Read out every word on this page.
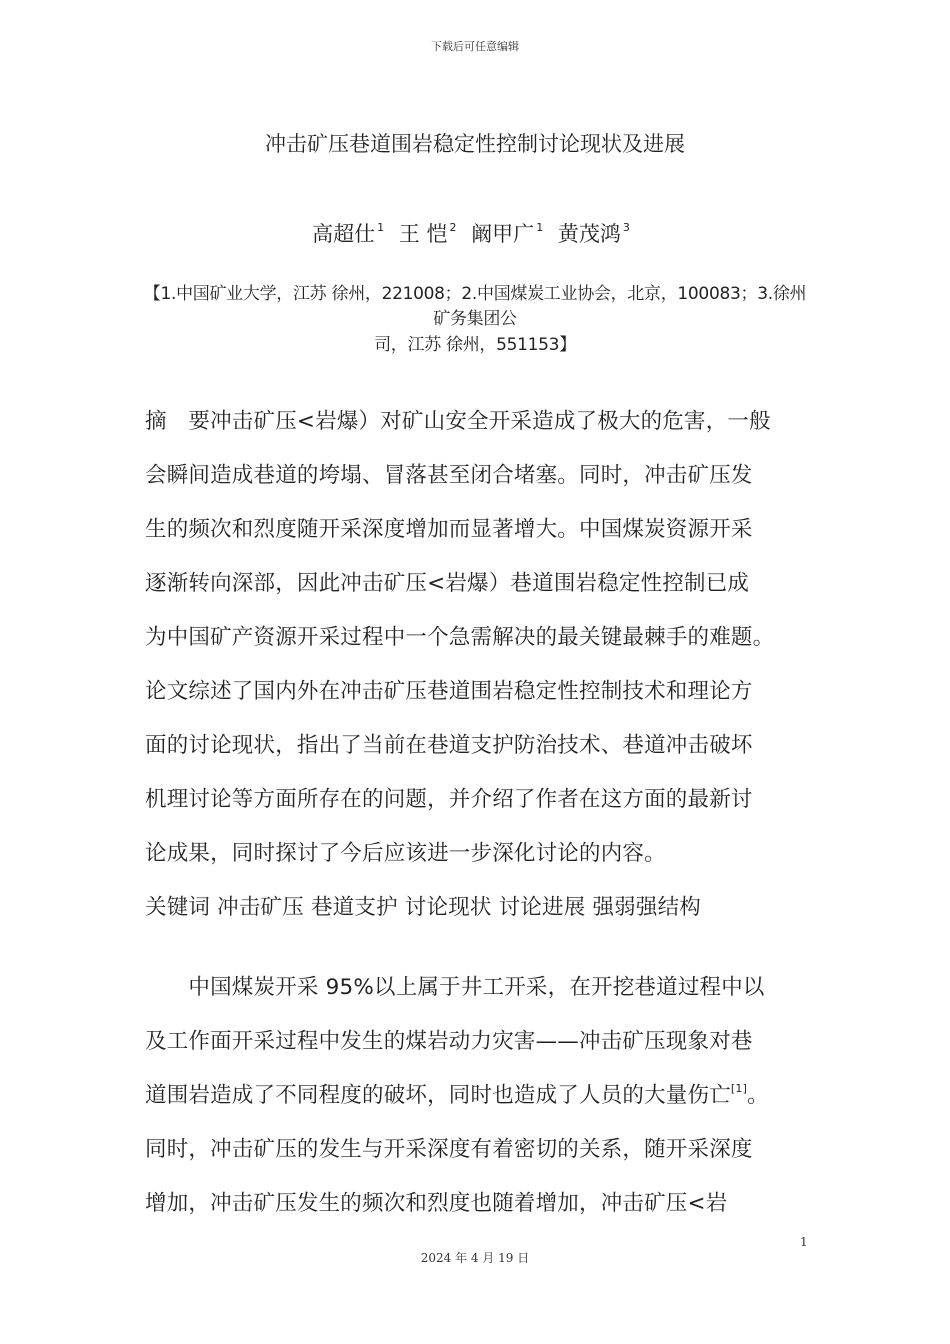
下载后可任意编辑
冲击矿压巷道围岩稳定性控制讨论现状及进展
高超仕 $^1$ 王 恺 $^2$ 阚甲广 $^1$ 黄茂鸿 $^3$
【1.中国矿业大学，江苏 徐州，221008；2.中国煤炭工业协会，北京，100083；3.徐州矿务集团公
司，江苏 徐州，551153】
摘　要冲击矿压<岩爆）对矿山安全开采造成了极大的危害，一般
会瞬间造成巷道的垮塌、冒落甚至闭合堵塞。同时，冲击矿压发
生的频次和烈度随开采深度增加而显著增大。中国煤炭资源开采
逐渐转向深部，因此冲击矿压<岩爆）巷道围岩稳定性控制已成
为中国矿产资源开采过程中一个急需解决的最关键最棘手的难题。
论文综述了国内外在冲击矿压巷道围岩稳定性控制技术和理论方
面的讨论现状，指出了当前在巷道支护防治技术、巷道冲击破坏
机理讨论等方面所存在的问题，并介绍了作者在这方面的最新讨
论成果，同时探讨了今后应该进一步深化讨论的内容。
关键词 冲击矿压 巷道支护 讨论现状 讨论进展 强弱强结构
　　中国煤炭开采 95%以上属于井工开采，在开挖巷道过程中以
及工作面开采过程中发生的煤岩动力灾害——冲击矿压现象对巷
道围岩造成了不同程度的破坏，同时也造成了人员的大量伤亡[1]。
同时，冲击矿压的发生与开采深度有着密切的关系，随开采深度
增加，冲击矿压发生的频次和烈度也随着增加，冲击矿压<岩
1
2024 年 4 月 19 日
